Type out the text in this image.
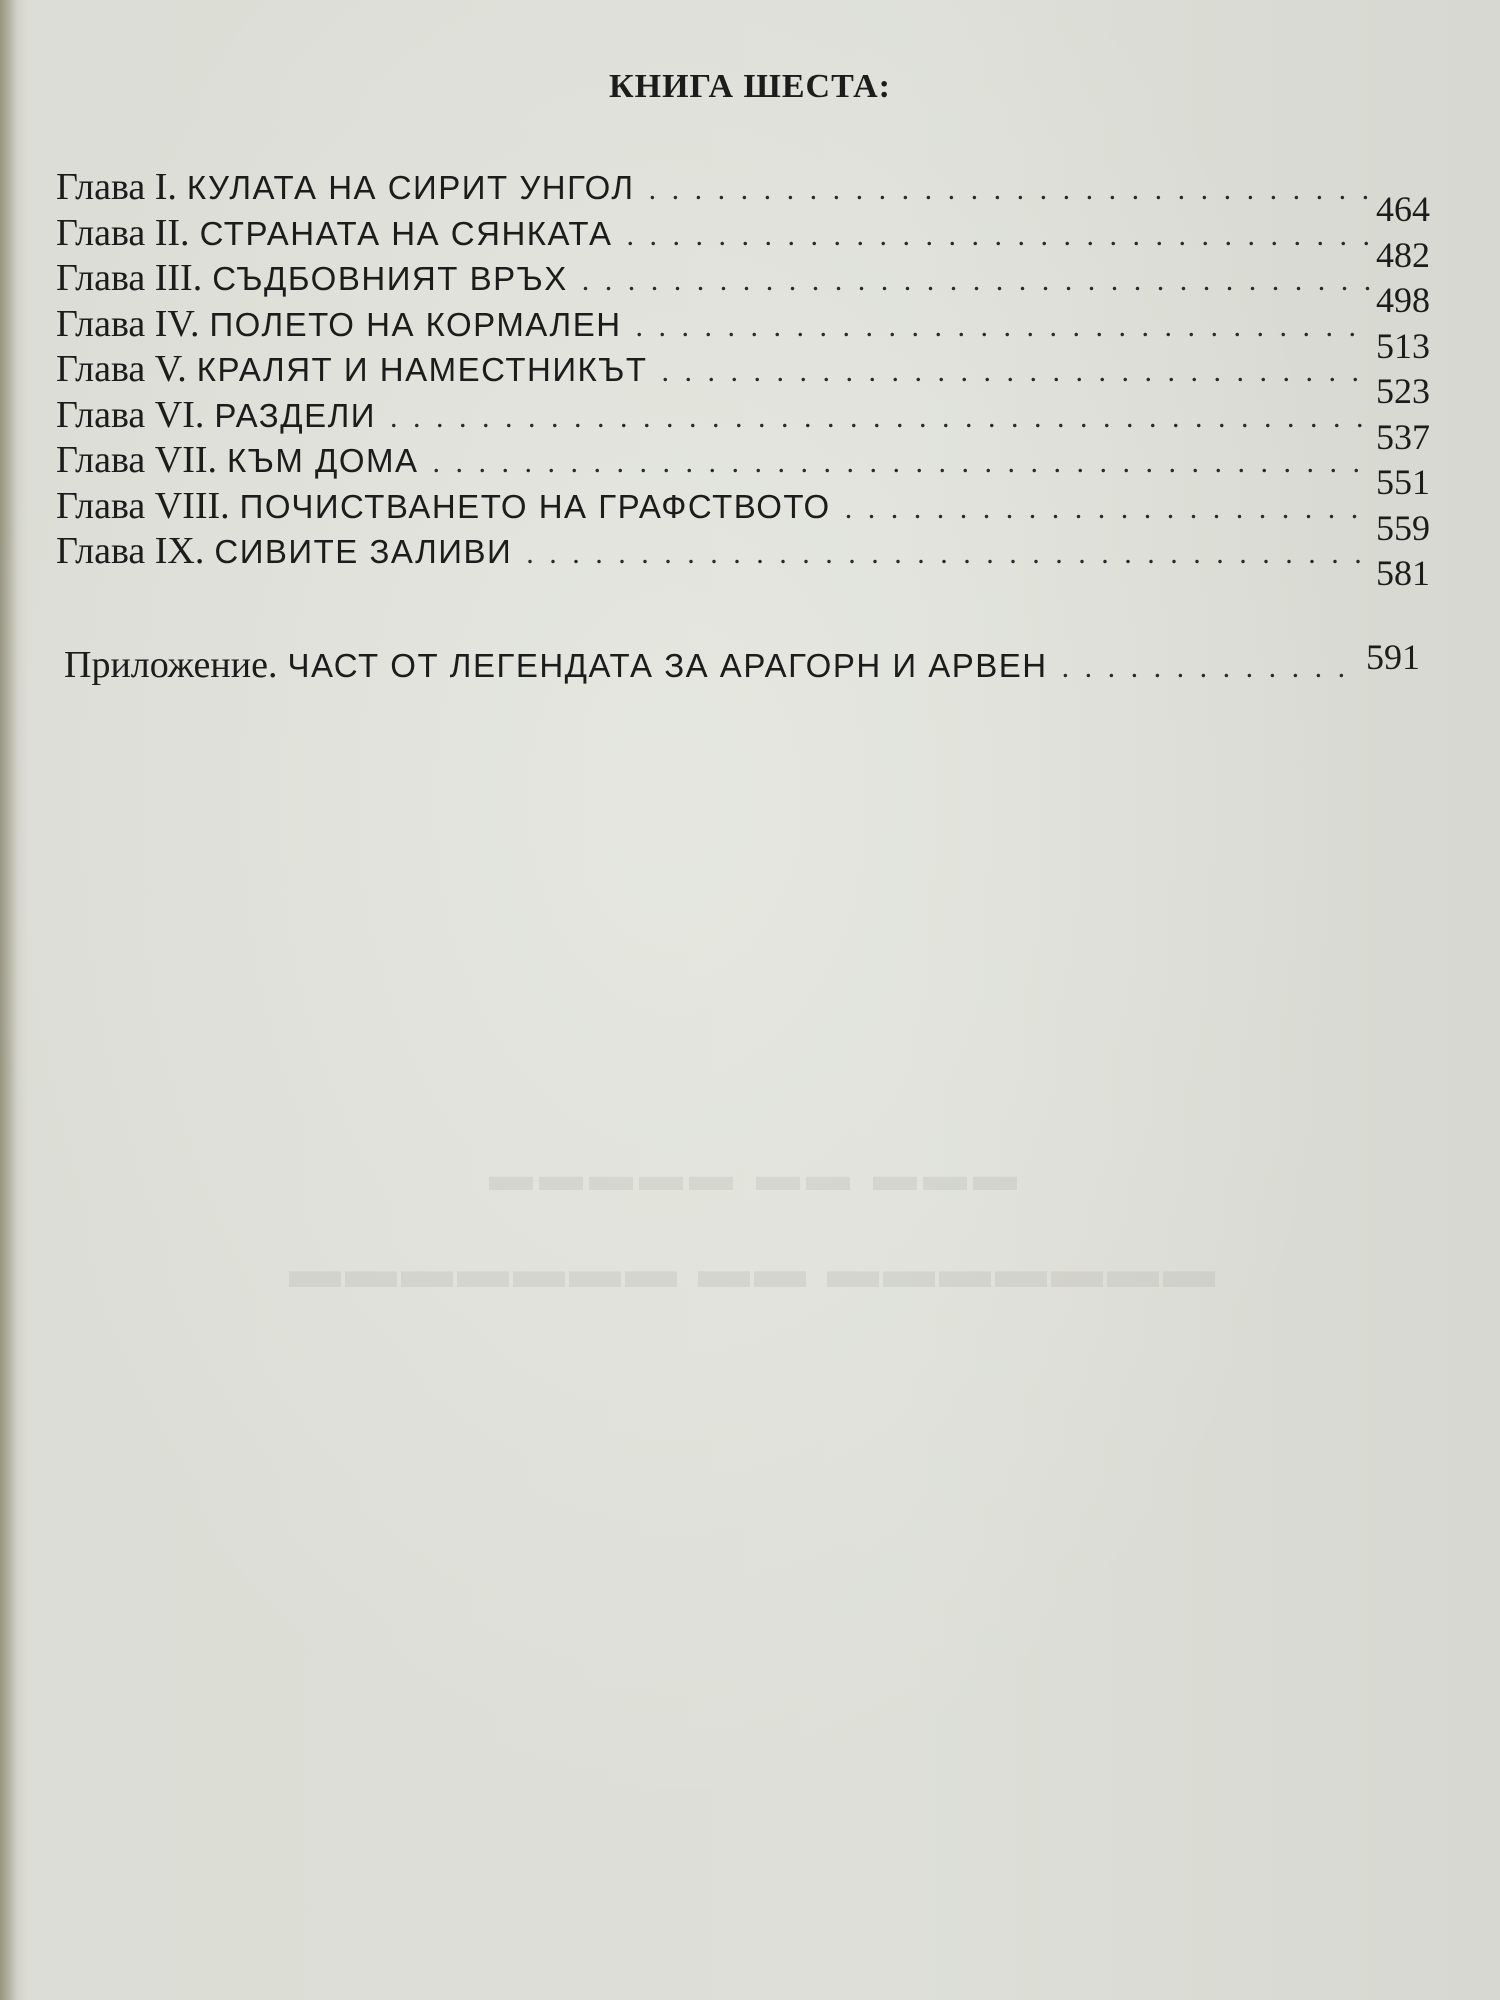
КНИГА ШЕСТА:
Глава I. КУЛАТА НА СИРИТ УНГОЛ
. . .
464
Глава II. СТРАНАТА НА СЯНКАТА
. . .
482
Глава III. СЪДБОВНИЯТ ВРЪХ
. . .
498
Глава IV. ПОЛЕТО НА КОРМАЛЕН
. . .
513
Глава V. КРАЛЯТ И НАМЕСТНИКЪТ
. . .
523
Глава VI. РАЗДЕЛИ
. . .
537
Глава VII. КЪМ ДОМА
. . .
551
Глава VIII. ПОЧИСТВАНЕТО НА ГРАФСТВОТО
. . .
559
Глава IX. СИВИТЕ ЗАЛИВИ
. . .
581
Приложение. ЧАСТ ОТ ЛЕГЕНДАТА ЗА АРАГОРН И АРВЕН
. . .	591
▬▬▬ ▬▬ ▬▬▬▬▬
▬▬▬▬▬▬▬ ▬▬ ▬▬▬▬▬▬▬
